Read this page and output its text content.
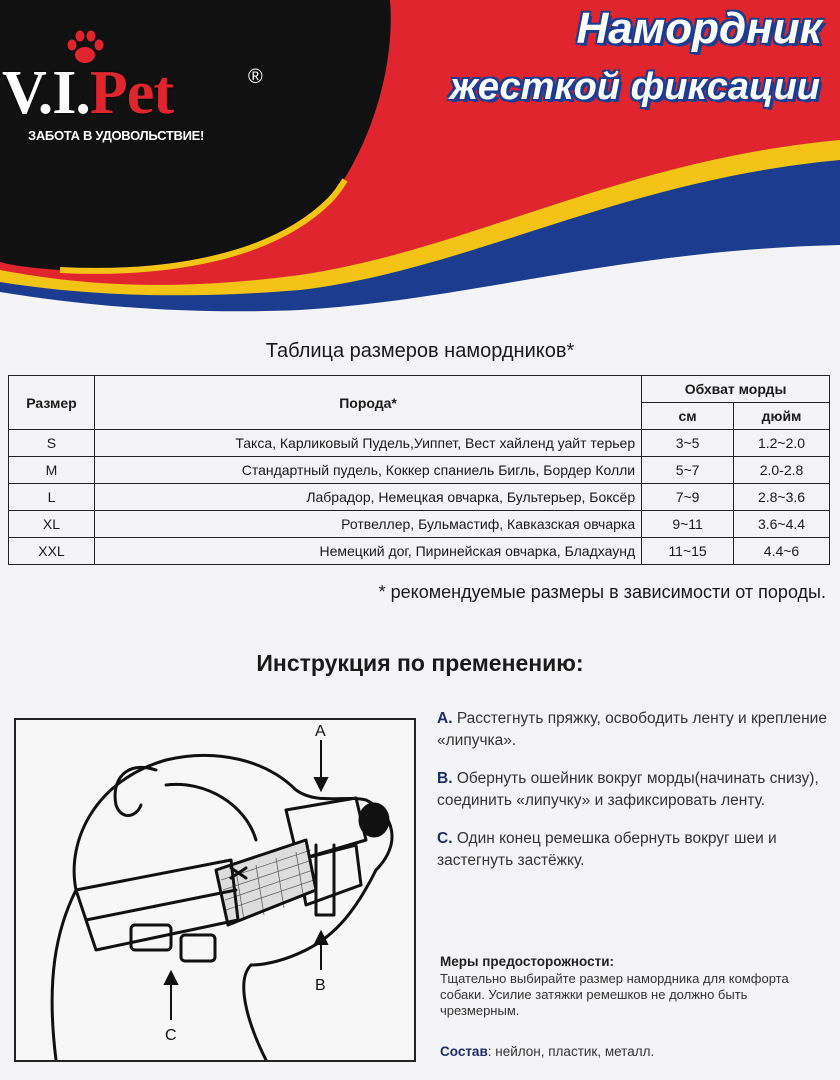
V.I.Pet	®
ЗАБОТА В УДОВОЛЬСТВИЕ!
Намордник
жесткой фиксации
Таблица размеров намордников*
Размер	Порода*	Обхват морды	
		см	дюйм
S	Такса, Карликовый Пудель,Уиппет, Вест хайленд уайт терьер	3~5	1.2~2.0
M	Стандартный пудель, Коккер спаниель Бигль, Бордер Колли	5~7	2.0-2.8
L	Лабрадор, Немецкая овчарка, Бультерьер, Боксёр	7~9	2.8~3.6
XL	Ротвеллер, Бульмастиф, Кавказская овчарка	9~11	3.6~4.4
XXL	Немецкий дог, Пиринейская овчарка, Бладхаунд	11~15	4.4~6
* рекомендуемые размеры в зависимости от породы.
Инструкция по пременению:
A
B
C
A. Расстегнуть пряжку, освободить ленту и крепление «липучка».
B. Обернуть ошейник вокруг морды(начинать снизу), соединить «липучку» и зафиксировать ленту.
C. Один конец ремешка обернуть вокруг шеи и застегнуть застёжку.
Меры предосторожности:
Тщательно выбирайте размер намордника для комфорта собаки. Усилие затяжки ремешков не должно быть чрезмерным.
Состав: нейлон, пластик, металл.
